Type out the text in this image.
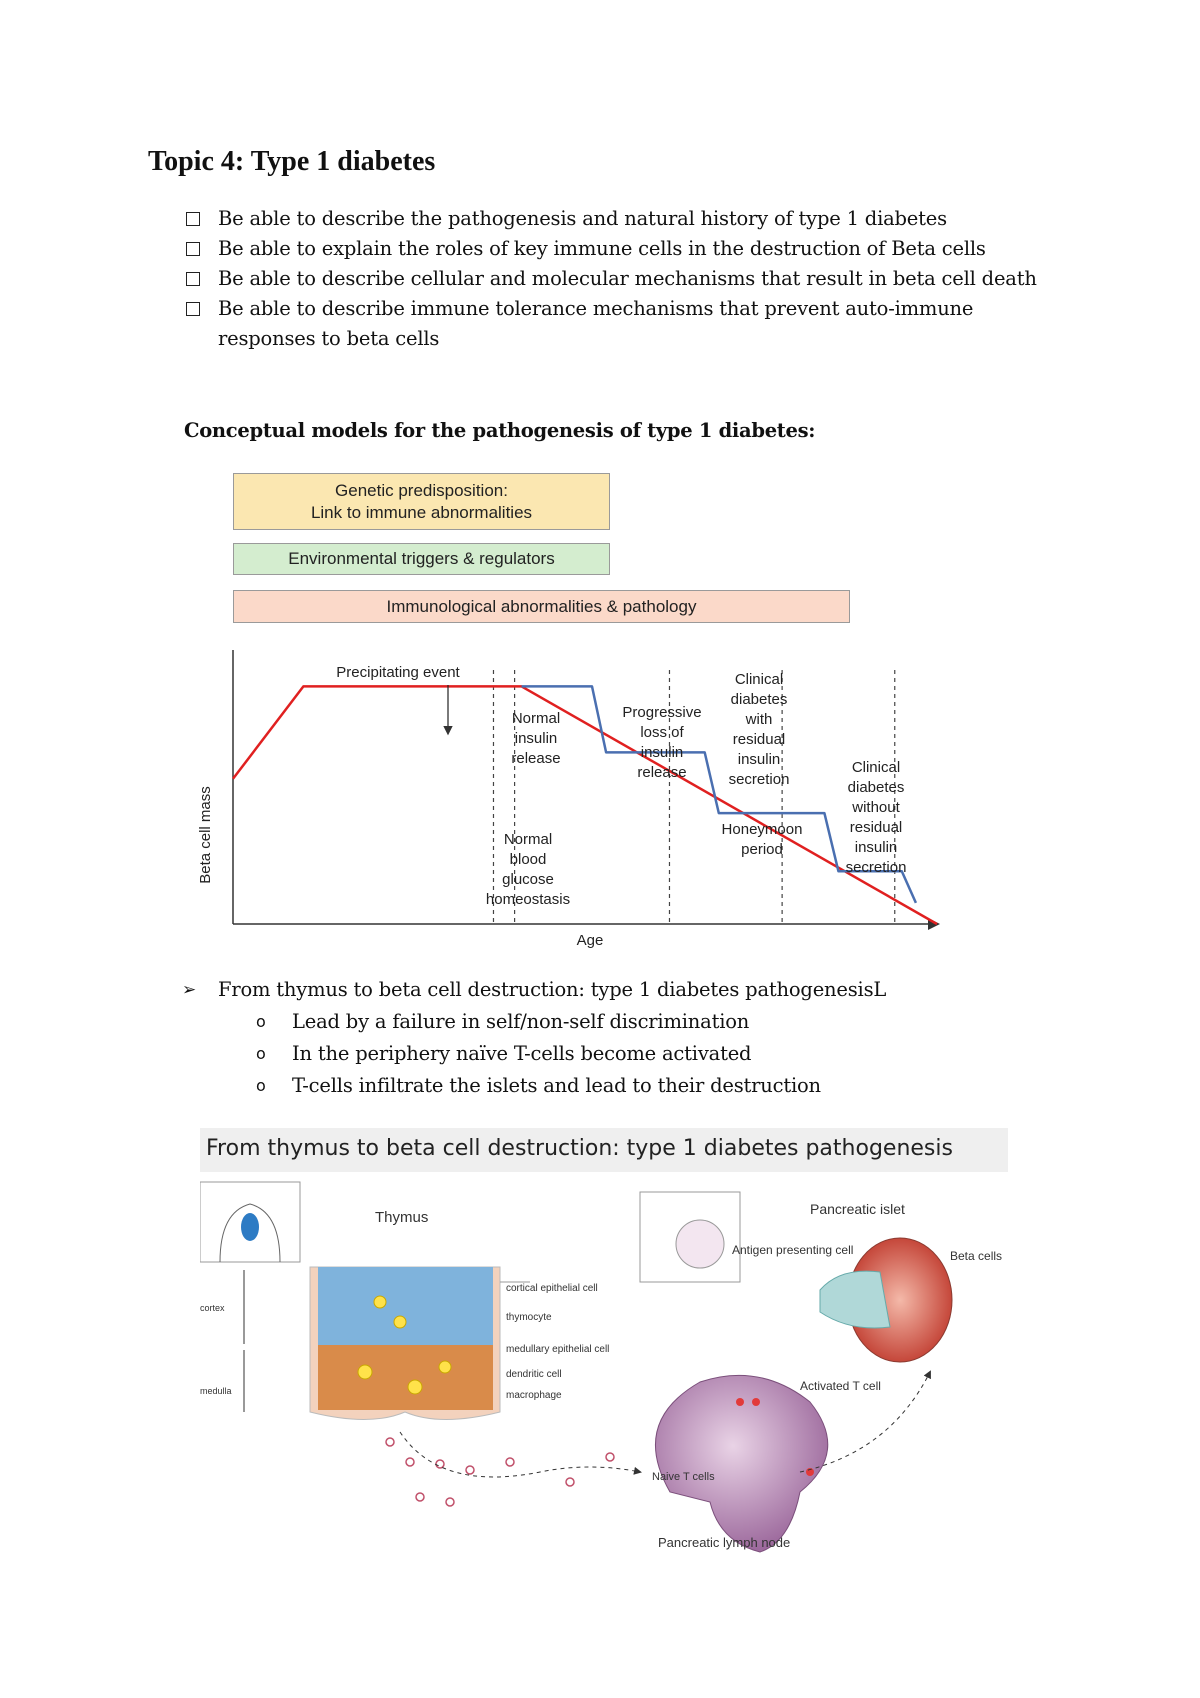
Topic 4: Type 1 diabetes
Be able to describe the pathogenesis and natural history of type 1 diabetes
Be able to explain the roles of key immune cells in the destruction of Beta cells
Be able to describe cellular and molecular mechanisms that result in beta cell death
Be able to describe immune tolerance mechanisms that prevent auto-immune responses to beta cells
Conceptual models for the pathogenesis of type 1 diabetes:
Genetic predisposition:
Link to immune abnormalities
Environmental triggers & regulators
Immunological abnormalities & pathology
Beta cell mass
Age
Precipitating event
Normal
insulin
release
Normal
blood
glucose
homeostasis
Progressive
loss of
insulin
release
Clinical
diabetes
with
residual
insulin
secretion
Honeymoon
period
Clinical
diabetes
without
residual
insulin
secretion
➢ From thymus to beta cell destruction: type 1 diabetes pathogenesisL
o Lead by a failure in self/non-self discrimination
o In the periphery naïve T-cells become activated
o T-cells infiltrate the islets and lead to their destruction
From thymus to beta cell destruction: type 1 diabetes pathogenesis
Thymus
cortex
medulla
cortical epithelial cell
thymocyte
medullary epithelial cell
dendritic cell
macrophage
Pancreatic islet
Beta cells
Antigen presenting cell
Activated T cell
Naive T cells
Pancreatic lymph node
